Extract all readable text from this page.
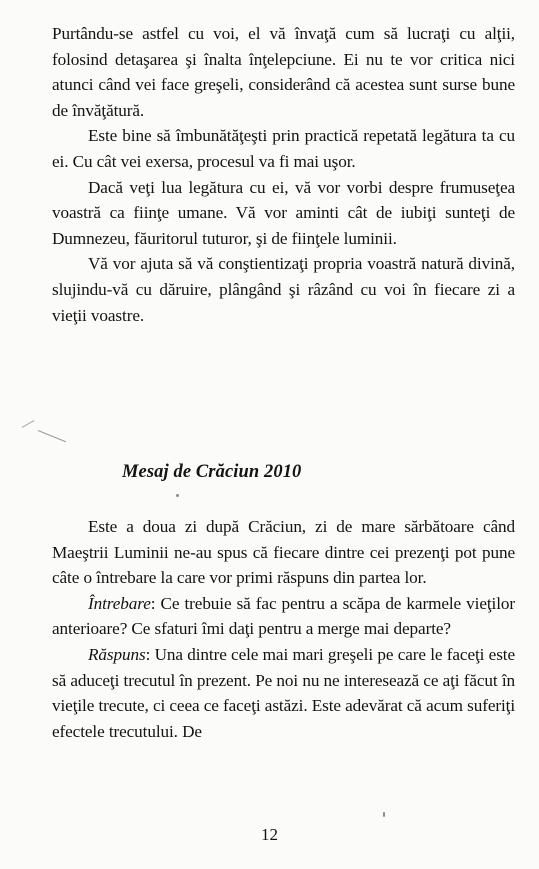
Purtându-se astfel cu voi, el vă învaţă cum să lucraţi cu alţii, folosind detaşarea şi înalta înţelepciune. Ei nu te vor critica nici atunci când vei face greşeli, considerând că acestea sunt surse bune de învăţătură.

Este bine să îmbunătăţeşti prin practică repetată legătura ta cu ei. Cu cât vei exersa, procesul va fi mai uşor.

Dacă veţi lua legătura cu ei, vă vor vorbi despre frumuseţea voastră ca fiinţe umane. Vă vor aminti cât de iubiţi sunteţi de Dumnezeu, făuritorul tuturor, şi de fiinţele luminii.

Vă vor ajuta să vă conştientizaţi propria voastră natură divină, slujindu-vă cu dăruire, plângând şi râzând cu voi în fiecare zi a vieţii voastre.

Mesaj de Crăciun 2010

Este a doua zi după Crăciun, zi de mare sărbătoare când Maeştrii Luminii ne-au spus că fiecare dintre cei prezenţi pot pune câte o întrebare la care vor primi răspuns din partea lor.

Întrebare: Ce trebuie să fac pentru a scăpa de karmele vieţilor anterioare? Ce sfaturi îmi daţi pentru a merge mai departe?

Răspuns: Una dintre cele mai mari greşeli pe care le faceţi este să aduceţi trecutul în prezent. Pe noi nu ne interesează ce aţi făcut în vieţile trecute, ci ceea ce faceţi astăzi. Este adevărat că acum suferiţi efectele trecutului. De

12
